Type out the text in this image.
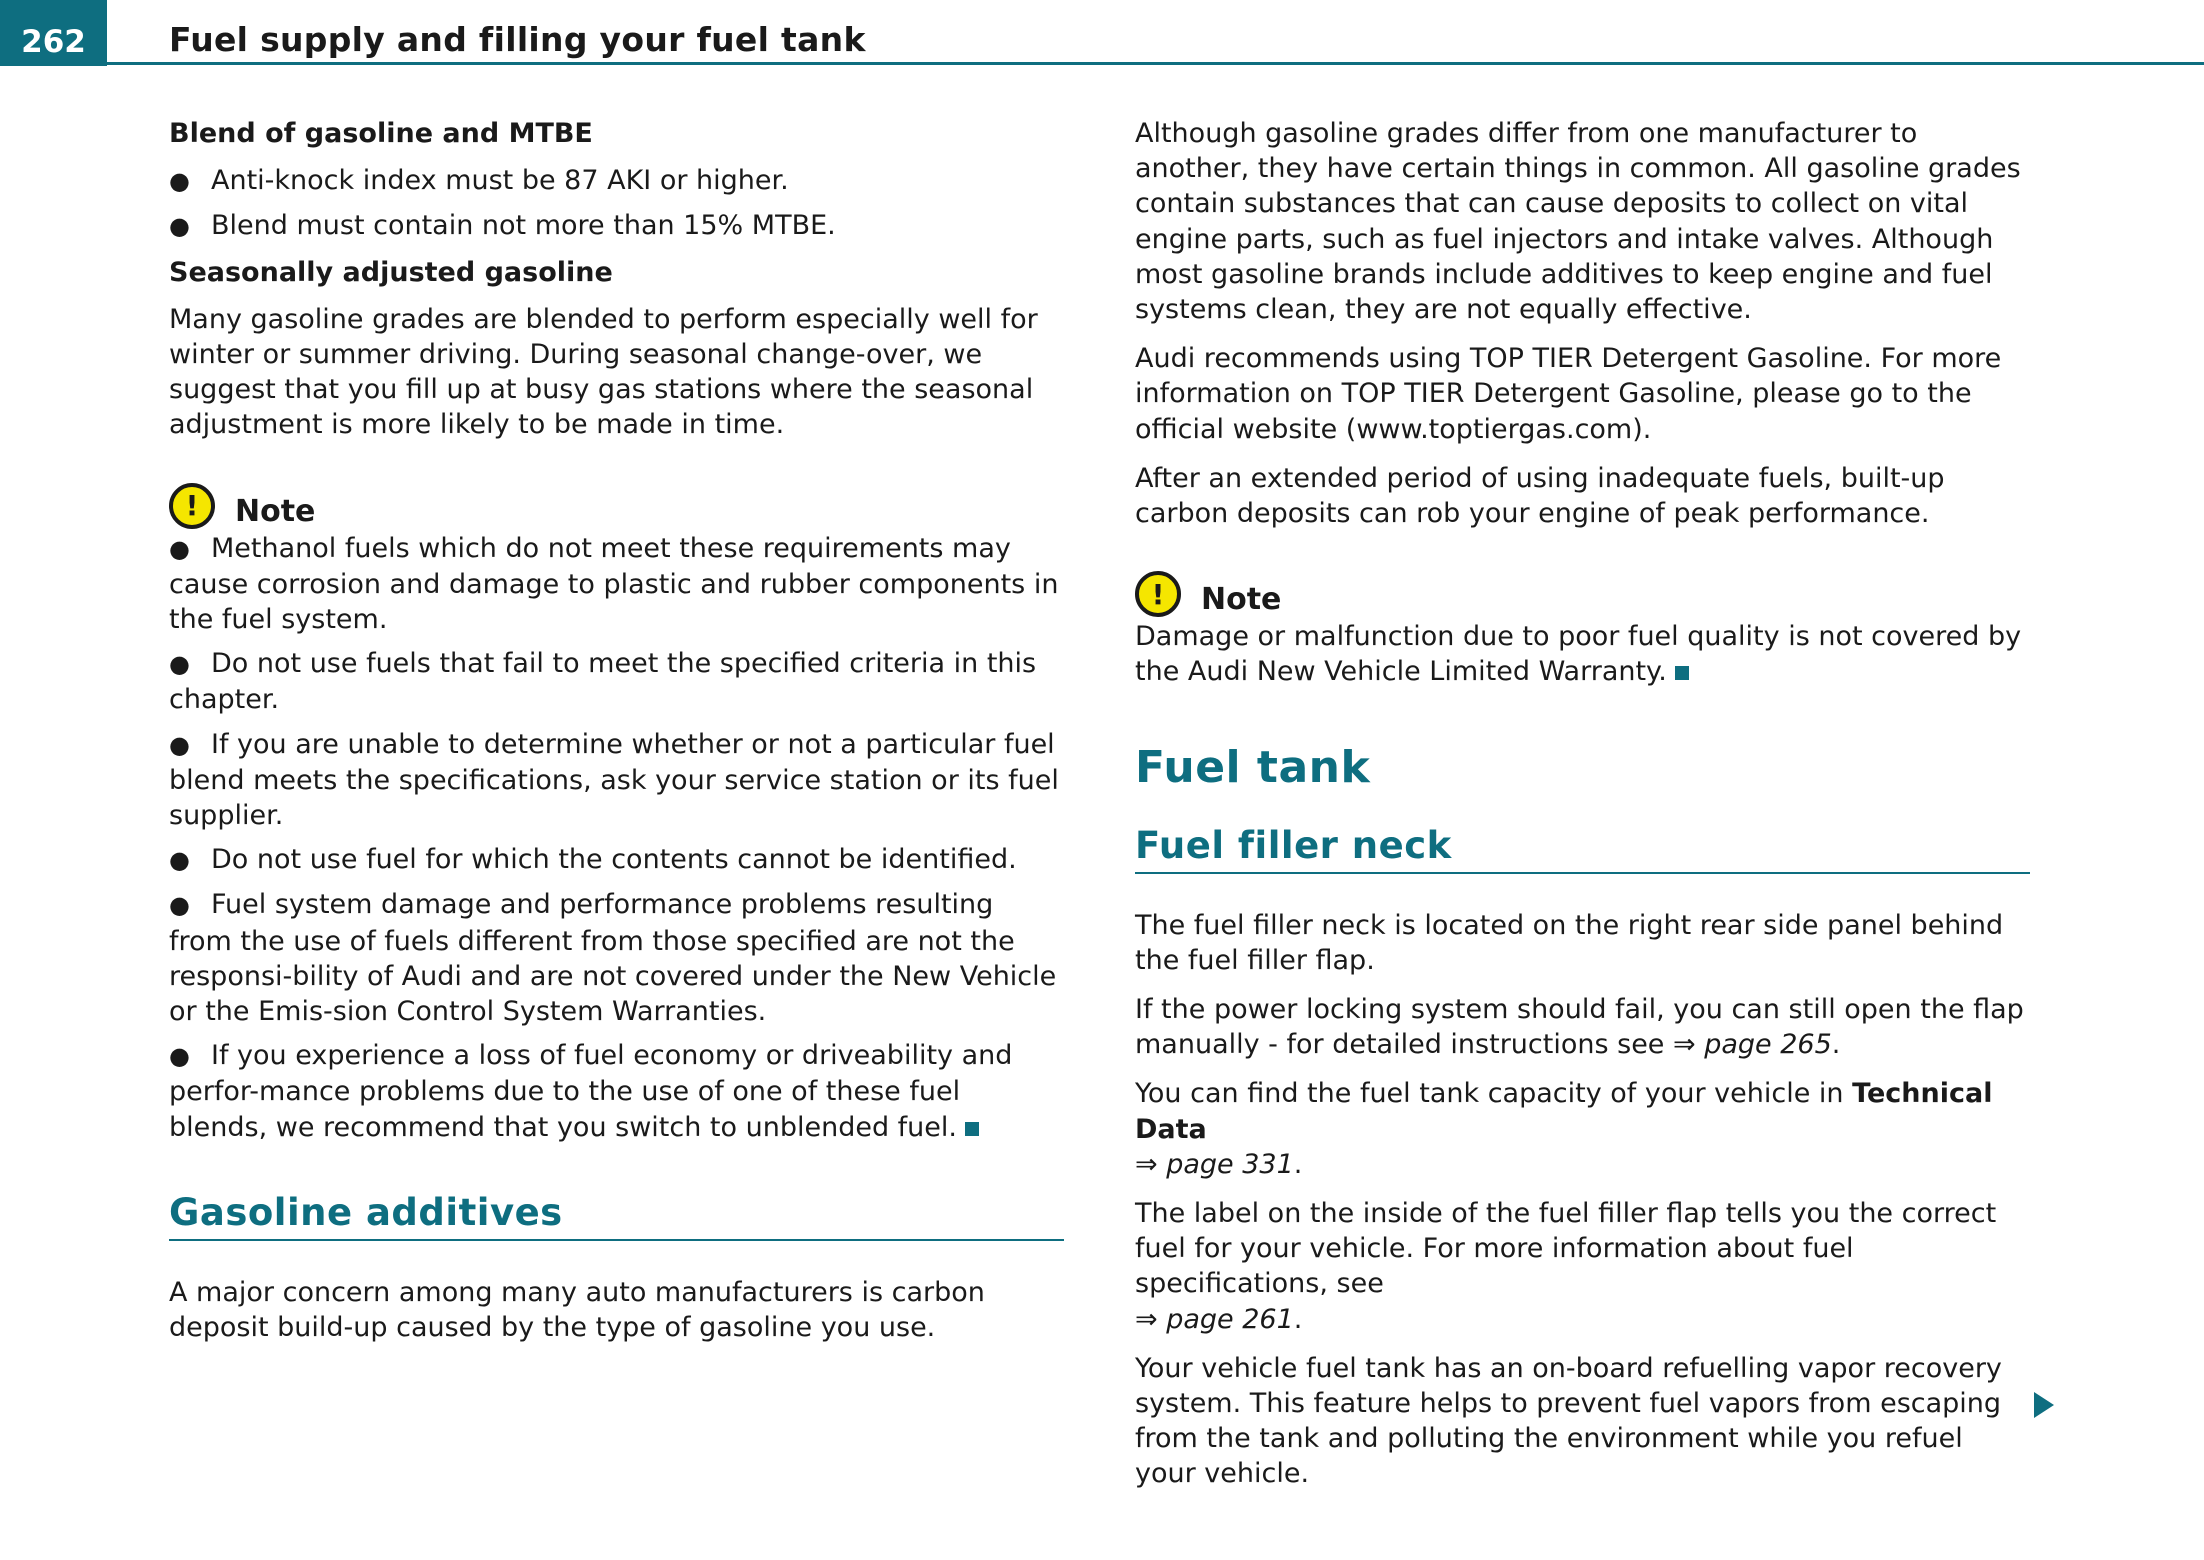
262	Fuel supply and filling your fuel tank
Blend of gasoline and MTBE
● Anti-knock index must be 87 AKI or higher.
● Blend must contain not more than 15% MTBE.
Seasonally adjusted gasoline

Many gasoline grades are blended to perform especially well for winter or summer driving. During seasonal change-over, we suggest that you fill up at busy gas stations where the seasonal adjustment is more likely to be made in time.

!	Note
● Methanol fuels which do not meet these requirements may cause corrosion and damage to plastic and rubber components in the fuel system.
● Do not use fuels that fail to meet the specified criteria in this chapter.
● If you are unable to determine whether or not a particular fuel blend meets the specifications, ask your service station or its fuel supplier.
● Do not use fuel for which the contents cannot be identified.
● Fuel system damage and performance problems resulting from the use of fuels different from those specified are not the responsi-bility of Audi and are not covered under the New Vehicle or the Emis-sion Control System Warranties.
● If you experience a loss of fuel economy or driveability and perfor-mance problems due to the use of one of these fuel blends, we recommend that you switch to unblended fuel.
Gasoline additives

A major concern among many auto manufacturers is carbon deposit build-up caused by the type of gasoline you use.

Although gasoline grades differ from one manufacturer to another, they have certain things in common. All gasoline grades contain substances that can cause deposits to collect on vital engine parts, such as fuel injectors and intake valves. Although most gasoline brands include additives to keep engine and fuel systems clean, they are not equally effective.

Audi recommends using TOP TIER Detergent Gasoline. For more information on TOP TIER Detergent Gasoline, please go to the official website (www.toptiergas.com).

After an extended period of using inadequate fuels, built-up carbon deposits can rob your engine of peak performance.

!	Note

Damage or malfunction due to poor fuel quality is not covered by the Audi New Vehicle Limited Warranty.

Fuel tank
Fuel filler neck

The fuel filler neck is located on the right rear side panel behind the fuel filler flap.

If the power locking system should fail, you can still open the flap manually - for detailed instructions see ⇒ page 265.

You can find the fuel tank capacity of your vehicle in Technical Data
⇒ page 331.

The label on the inside of the fuel filler flap tells you the correct fuel for your vehicle. For more information about fuel specifications, see
⇒ page 261.

Your vehicle fuel tank has an on-board refuelling vapor recovery system. This feature helps to prevent fuel vapors from escaping from the tank and polluting the environment while you refuel your vehicle.
